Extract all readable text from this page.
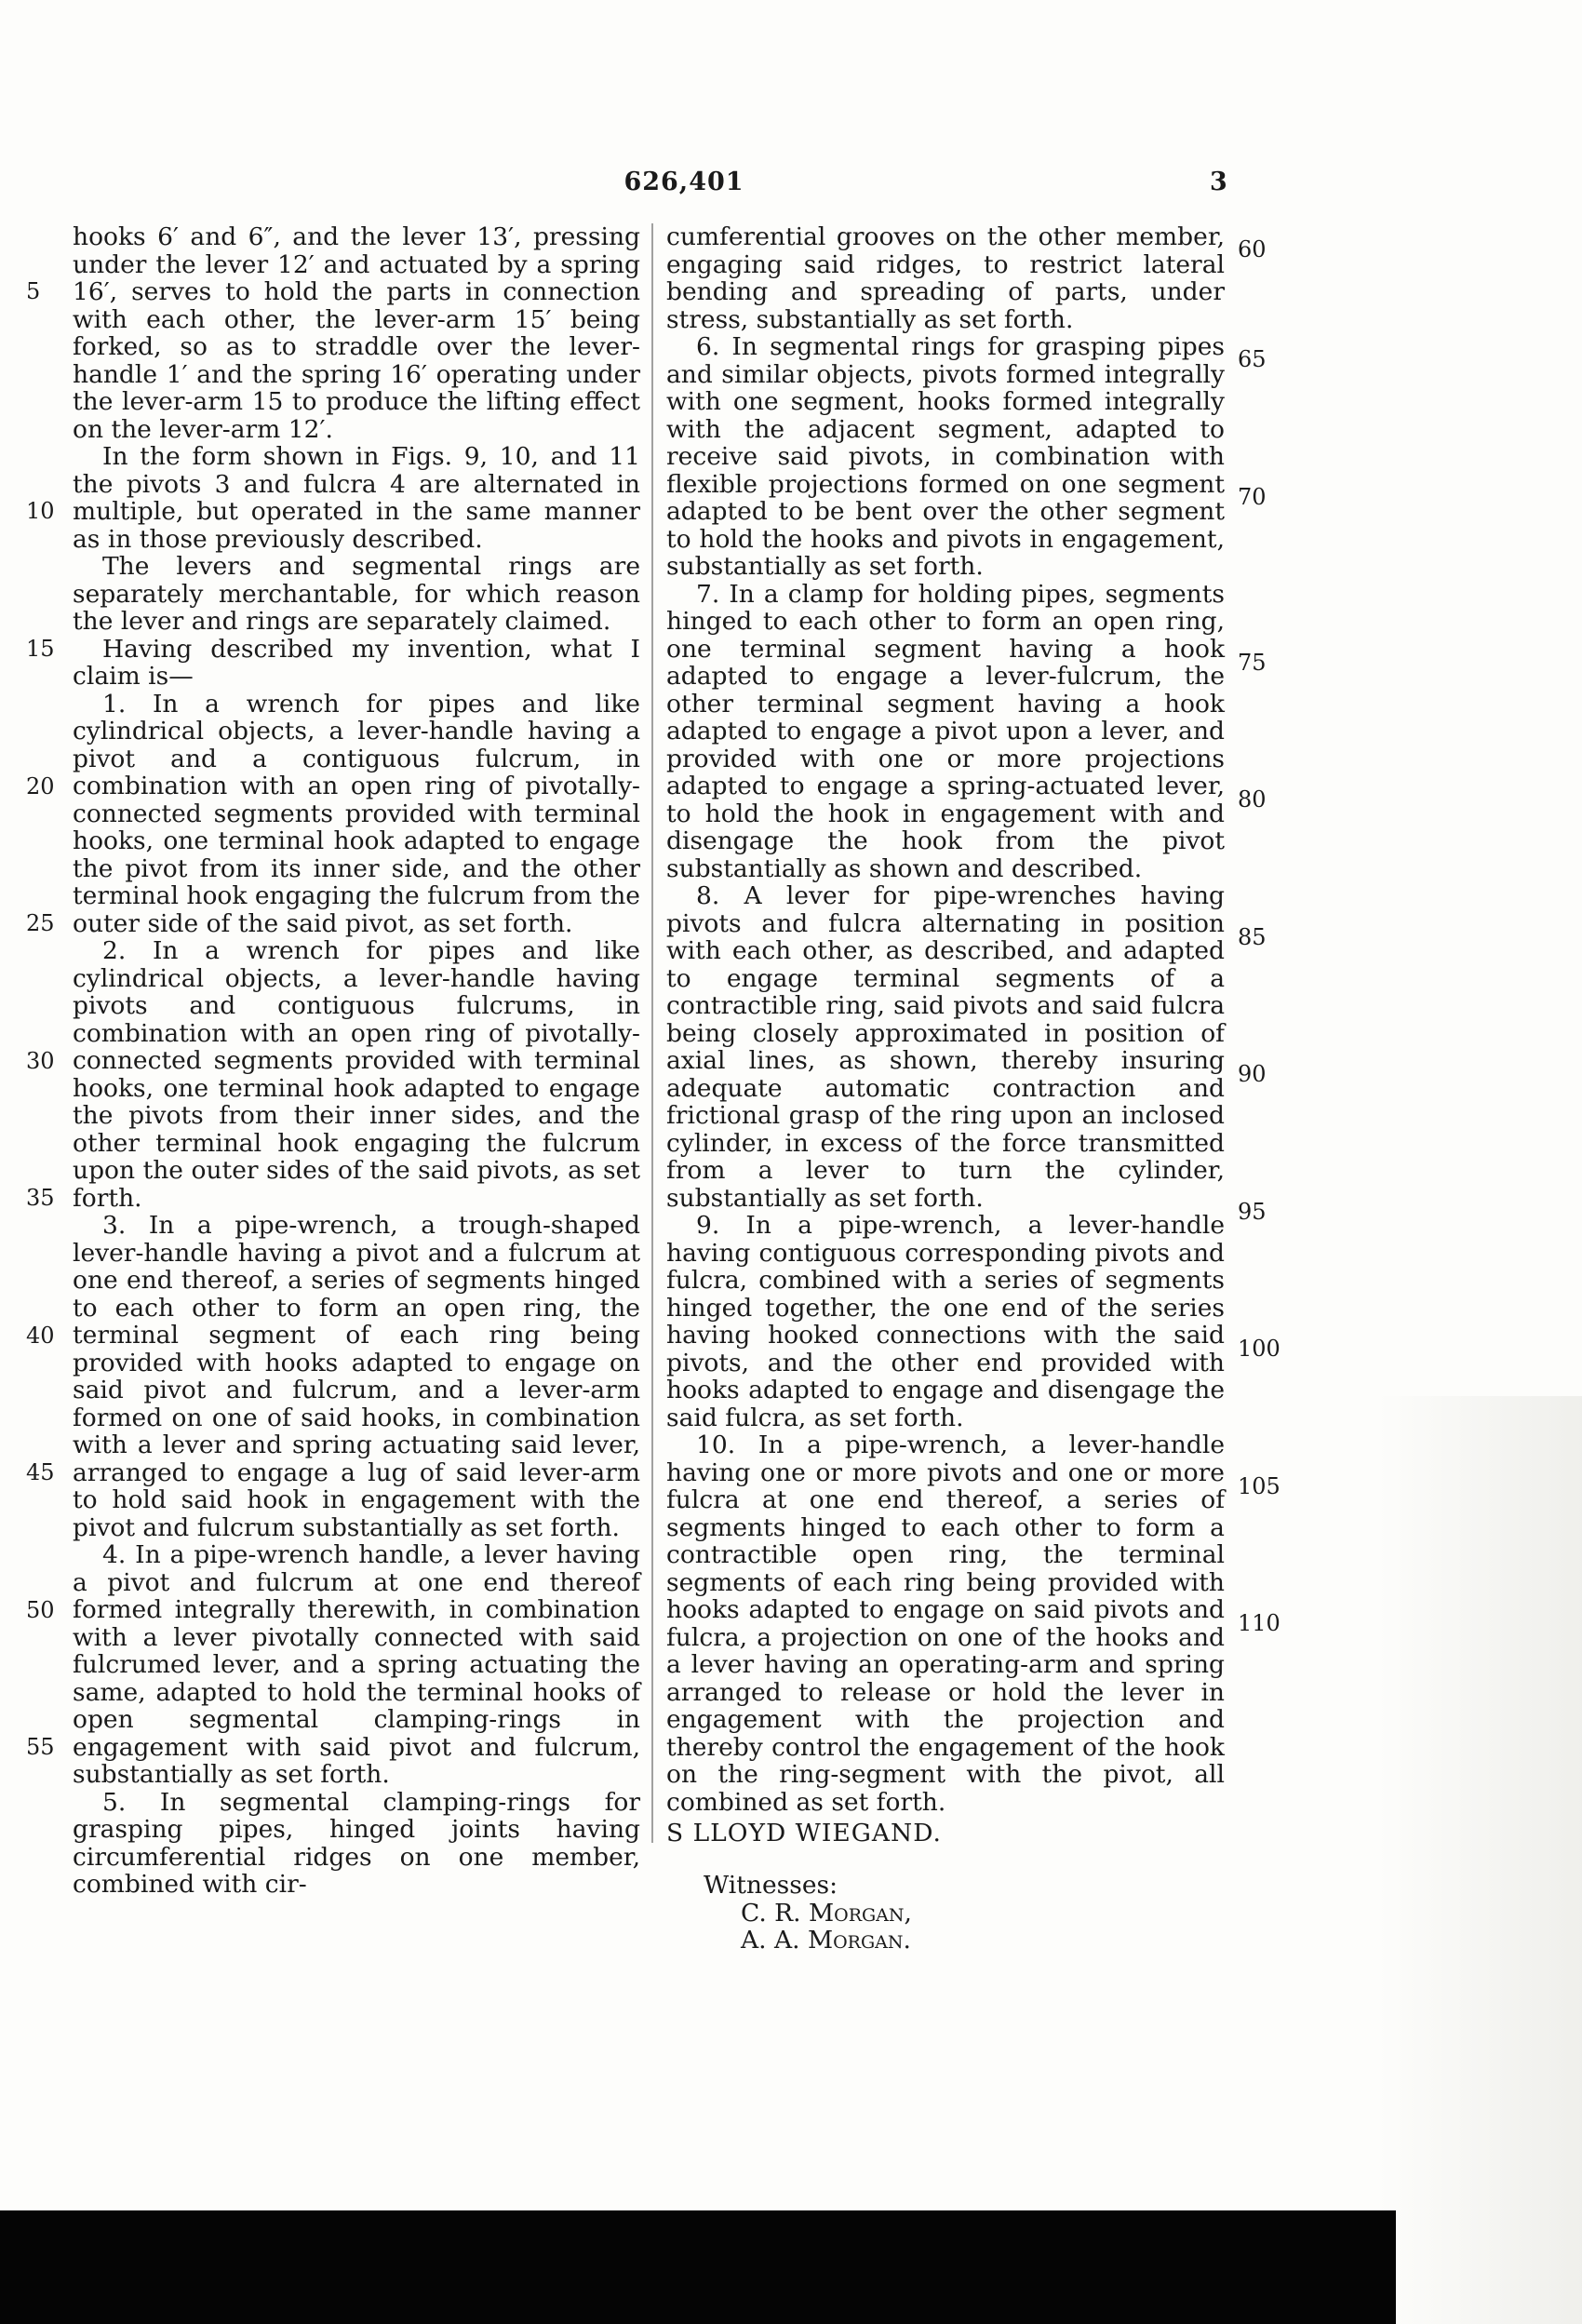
626,401	3
5
10
15
20
25
30
35
40
45
50
55

hooks 6′ and 6″, and the lever 13′, pressing under the lever 12′ and actuated by a spring 16′, serves to hold the parts in connection with each other, the lever-arm 15′ being forked, so as to straddle over the lever-handle 1′ and the spring 16′ operating under the lever-arm 15 to produce the lifting effect on the lever-arm 12′.

In the form shown in Figs. 9, 10, and 11 the pivots 3 and fulcra 4 are alternated in multiple, but operated in the same manner as in those previously described.

The levers and segmental rings are separately merchantable, for which reason the lever and rings are separately claimed.

Having described my invention, what I claim is—

1. In a wrench for pipes and like cylindrical objects, a lever-handle having a pivot and a contiguous fulcrum, in combination with an open ring of pivotally-connected segments provided with terminal hooks, one terminal hook adapted to engage the pivot from its inner side, and the other terminal hook engaging the fulcrum from the outer side of the said pivot, as set forth.

2. In a wrench for pipes and like cylindrical objects, a lever-handle having pivots and contiguous fulcrums, in combination with an open ring of pivotally-connected segments provided with terminal hooks, one terminal hook adapted to engage the pivots from their inner sides, and the other terminal hook engaging the fulcrum upon the outer sides of the said pivots, as set forth.

3. In a pipe-wrench, a trough-shaped lever-handle having a pivot and a fulcrum at one end thereof, a series of segments hinged to each other to form an open ring, the terminal segment of each ring being provided with hooks adapted to engage on said pivot and fulcrum, and a lever-arm formed on one of said hooks, in combination with a lever and spring actuating said lever, arranged to engage a lug of said lever-arm to hold said hook in engagement with the pivot and fulcrum substantially as set forth.

4. In a pipe-wrench handle, a lever having a pivot and fulcrum at one end thereof formed integrally therewith, in combination with a lever pivotally connected with said fulcrumed lever, and a spring actuating the same, adapted to hold the terminal hooks of open segmental clamping-rings in engagement with said pivot and fulcrum, substantially as set forth.

5. In segmental clamping-rings for grasping pipes, hinged joints having circumferential ridges on one member, combined with cir-

cumferential grooves on the other member, engaging said ridges, to restrict lateral bending and spreading of parts, under stress, substantially as set forth.

6. In segmental rings for grasping pipes and similar objects, pivots formed integrally with one segment, hooks formed integrally with the adjacent segment, adapted to receive said pivots, in combination with flexible projections formed on one segment adapted to be bent over the other segment to hold the hooks and pivots in engagement, substantially as set forth.

7. In a clamp for holding pipes, segments hinged to each other to form an open ring, one terminal segment having a hook adapted to engage a lever-fulcrum, the other terminal segment having a hook adapted to engage a pivot upon a lever, and provided with one or more projections adapted to engage a spring-actuated lever, to hold the hook in engagement with and disengage the hook from the pivot substantially as shown and described.

8. A lever for pipe-wrenches having pivots and fulcra alternating in position with each other, as described, and adapted to engage terminal segments of a contractible ring, said pivots and said fulcra being closely approximated in position of axial lines, as shown, thereby insuring adequate automatic contraction and frictional grasp of the ring upon an inclosed cylinder, in excess of the force transmitted from a lever to turn the cylinder, substantially as set forth.

9. In a pipe-wrench, a lever-handle having contiguous corresponding pivots and fulcra, combined with a series of segments hinged together, the one end of the series having hooked connections with the said pivots, and the other end provided with hooks adapted to engage and disengage the said fulcra, as set forth.

10. In a pipe-wrench, a lever-handle having one or more pivots and one or more fulcra at one end thereof, a series of segments hinged to each other to form a contractible open ring, the terminal segments of each ring being provided with hooks adapted to engage on said pivots and fulcra, a projection on one of the hooks and a lever having an operating-arm and spring arranged to release or hold the lever in engagement with the projection and thereby control the engagement of the hook on the ring-segment with the pivot, all combined as set forth.

S LLOYD WIEGAND.

Witnesses:

C. R. Morgan,

A. A. Morgan.

60
65
70
75
80
85
90
95
100
105
110
